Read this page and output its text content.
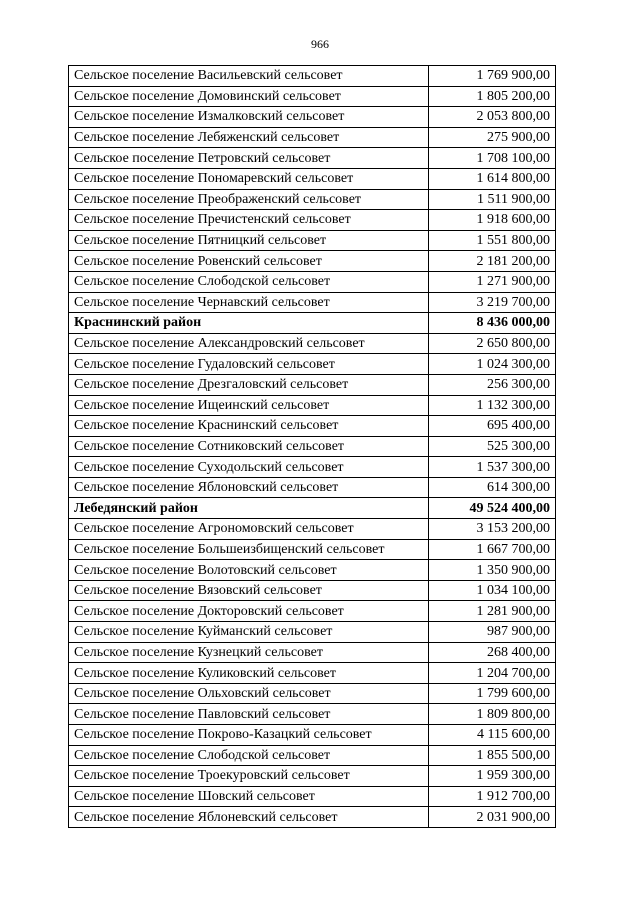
966
Сельское поселение Васильевский сельсовет	1 769 900,00
Сельское поселение Домовинский сельсовет	1 805 200,00
Сельское поселение Измалковский сельсовет	2 053 800,00
Сельское поселение Лебяженский сельсовет	275 900,00
Сельское поселение Петровский сельсовет	1 708 100,00
Сельское поселение Пономаревский сельсовет	1 614 800,00
Сельское поселение Преображенский сельсовет	1 511 900,00
Сельское поселение Пречистенский сельсовет	1 918 600,00
Сельское поселение Пятницкий сельсовет	1 551 800,00
Сельское поселение Ровенский сельсовет	2 181 200,00
Сельское поселение Слободской сельсовет	1 271 900,00
Сельское поселение Чернавский сельсовет	3 219 700,00
Краснинский район	8 436 000,00
Сельское поселение Александровский сельсовет	2 650 800,00
Сельское поселение Гудаловский сельсовет	1 024 300,00
Сельское поселение Дрезгаловский сельсовет	256 300,00
Сельское поселение Ищеинский сельсовет	1 132 300,00
Сельское поселение Краснинский сельсовет	695 400,00
Сельское поселение Сотниковский сельсовет	525 300,00
Сельское поселение Суходольский сельсовет	1 537 300,00
Сельское поселение Яблоновский сельсовет	614 300,00
Лебедянский район	49 524 400,00
Сельское поселение Агрономовский сельсовет	3 153 200,00
Сельское поселение Большеизбищенский сельсовет	1 667 700,00
Сельское поселение Волотовский сельсовет	1 350 900,00
Сельское поселение Вязовский сельсовет	1 034 100,00
Сельское поселение Докторовский сельсовет	1 281 900,00
Сельское поселение Куйманский сельсовет	987 900,00
Сельское поселение Кузнецкий сельсовет	268 400,00
Сельское поселение Куликовский сельсовет	1 204 700,00
Сельское поселение Ольховский сельсовет	1 799 600,00
Сельское поселение Павловский сельсовет	1 809 800,00
Сельское поселение Покрово-Казацкий сельсовет	4 115 600,00
Сельское поселение Слободской сельсовет	1 855 500,00
Сельское поселение Троекуровский сельсовет	1 959 300,00
Сельское поселение Шовский сельсовет	1 912 700,00
Сельское поселение Яблоневский сельсовет	2 031 900,00
